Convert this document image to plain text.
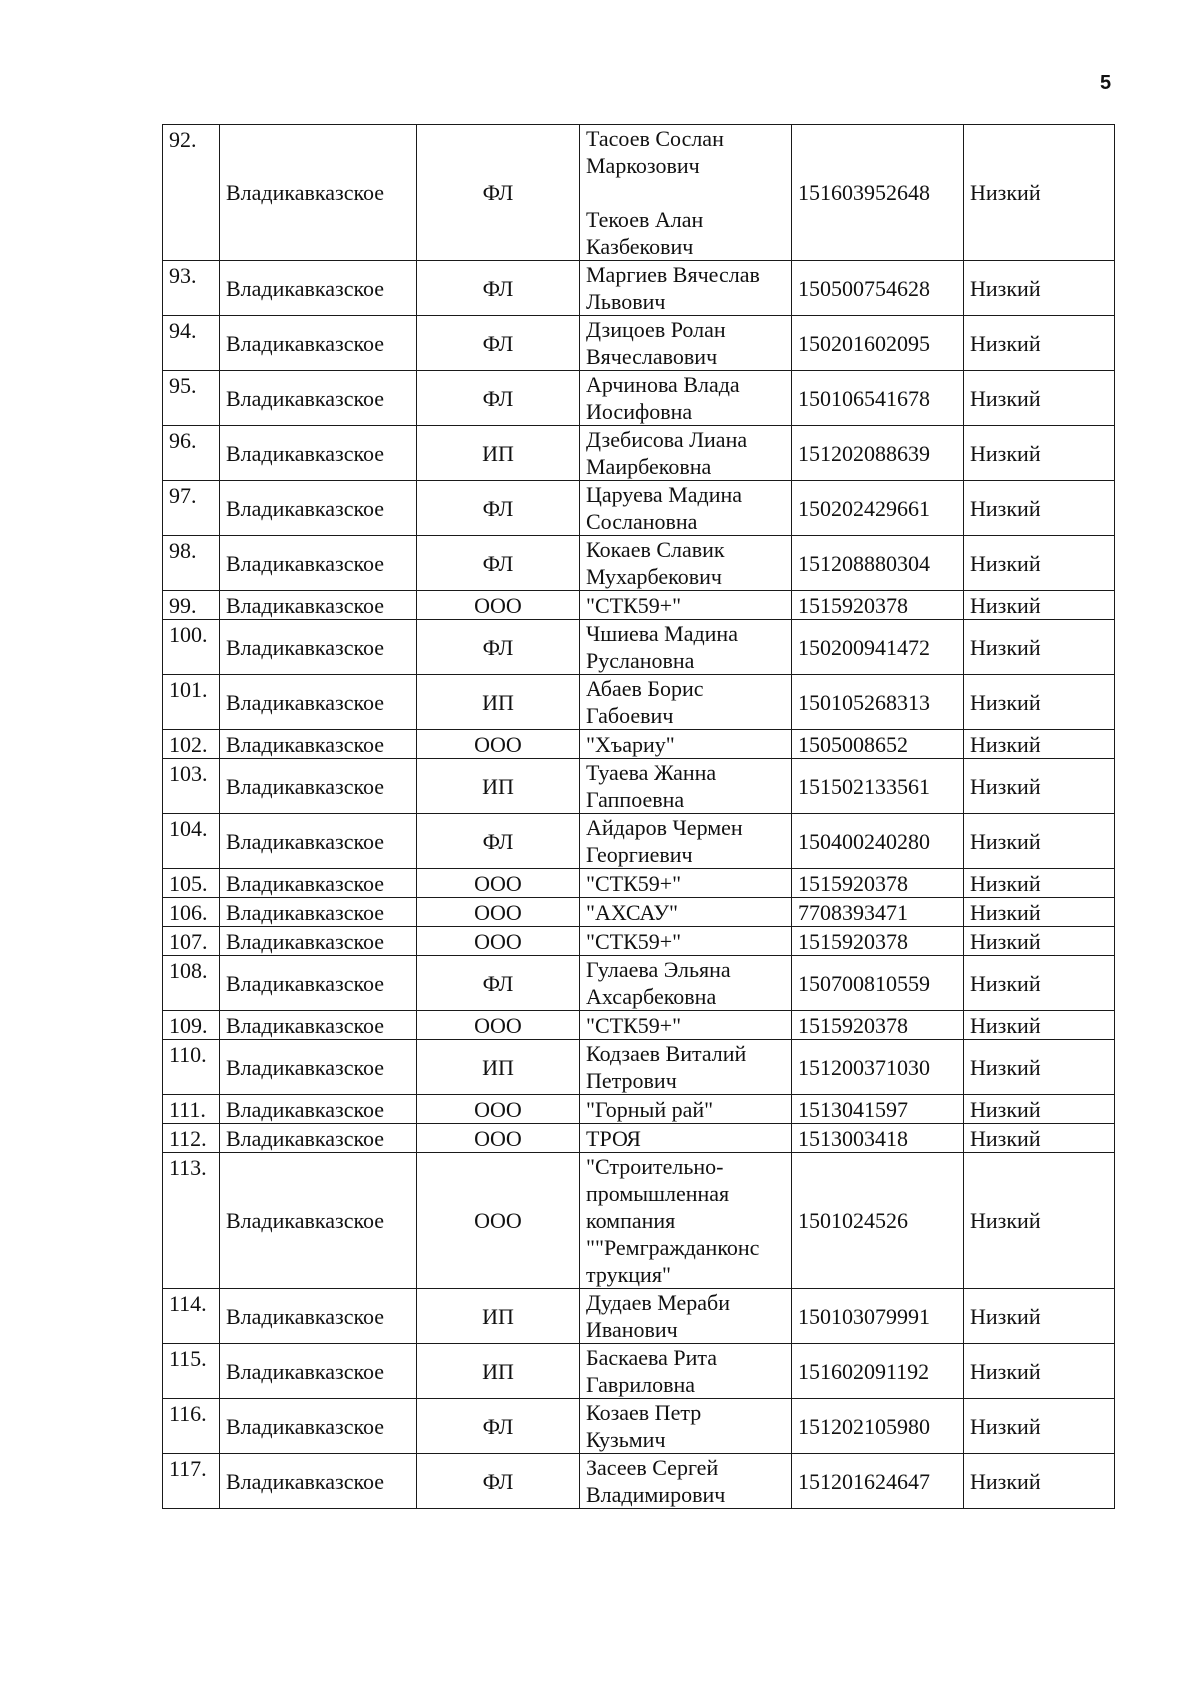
5
92.	Владикавказское	ФЛ	Тасоев Сослан
Маркозович

Текоев Алан
Казбекович	151603952648	Низкий
93.	Владикавказское	ФЛ	Маргиев Вячеслав
Львович	150500754628	Низкий
94.	Владикавказское	ФЛ	Дзицоев Ролан
Вячеславович	150201602095	Низкий
95.	Владикавказское	ФЛ	Арчинова Влада
Иосифовна	150106541678	Низкий
96.	Владикавказское	ИП	Дзебисова Лиана
Маирбековна	151202088639	Низкий
97.	Владикавказское	ФЛ	Царуева Мадина
Сослановна	150202429661	Низкий
98.	Владикавказское	ФЛ	Кокаев Славик
Мухарбекович	151208880304	Низкий
99.	Владикавказское	ООО	"СТК59+"	1515920378	Низкий
100.	Владикавказское	ФЛ	Чшиева Мадина
Руслановна	150200941472	Низкий
101.	Владикавказское	ИП	Абаев Борис
Габоевич	150105268313	Низкий
102.	Владикавказское	ООО	"Хъариу"	1505008652	Низкий
103.	Владикавказское	ИП	Туаева Жанна
Гаппоевна	151502133561	Низкий
104.	Владикавказское	ФЛ	Айдаров Чермен
Георгиевич	150400240280	Низкий
105.	Владикавказское	ООО	"СТК59+"	1515920378	Низкий
106.	Владикавказское	ООО	"АХСАУ"	7708393471	Низкий
107.	Владикавказское	ООО	"СТК59+"	1515920378	Низкий
108.	Владикавказское	ФЛ	Гулаева Эльяна
Ахсарбековна	150700810559	Низкий
109.	Владикавказское	ООО	"СТК59+"	1515920378	Низкий
110.	Владикавказское	ИП	Кодзаев Виталий
Петрович	151200371030	Низкий
111.	Владикавказское	ООО	"Горный рай"	1513041597	Низкий
112.	Владикавказское	ООО	ТРОЯ	1513003418	Низкий
113.	Владикавказское	ООО	"Строительно-
промышленная
компания
""Ремгражданконс
трукция"	1501024526	Низкий
114.	Владикавказское	ИП	Дудаев Мераби
Иванович	150103079991	Низкий
115.	Владикавказское	ИП	Баскаева Рита
Гавриловна	151602091192	Низкий
116.	Владикавказское	ФЛ	Козаев Петр
Кузьмич	151202105980	Низкий
117.	Владикавказское	ФЛ	Засеев Сергей
Владимирович	151201624647	Низкий
